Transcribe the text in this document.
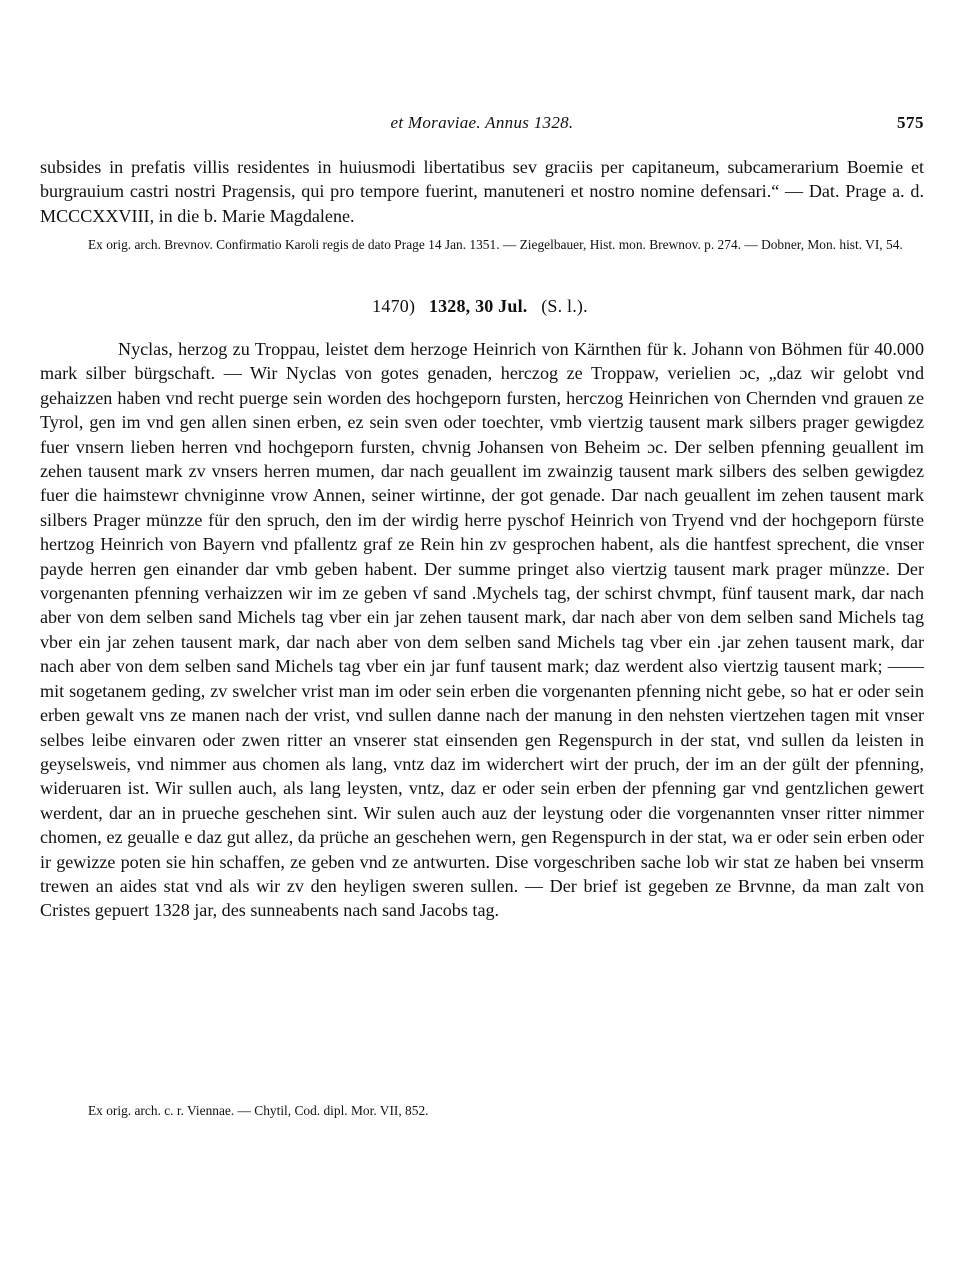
et Moraviae. Annus 1328.	575

subsides in prefatis villis residentes in huiusmodi libertatibus sev graciis per capitaneum, subcamerarium Boemie et burgrauium castri nostri Pragensis, qui pro tempore fuerint, manuteneri et nostro nomine defensari.“ — Dat. Prage a. d. MCCCXXVIII, in die b. Marie Magdalene.

Ex orig. arch. Brevnov. Confirmatio Karoli regis de dato Prage 14 Jan. 1351. — Ziegelbauer, Hist. mon. Brewnov. p. 274. — Dobner, Mon. hist. VI, 54.
1470) 1328, 30 Jul. (S. l.).

Nyclas, herzog zu Troppau, leistet dem herzoge Heinrich von Kärnthen für k. Johann von Böhmen für 40.000 mark silber bürgschaft. — Wir Nyclas von gotes genaden, herczog ze Troppaw, verielien ɔc, „daz wir gelobt vnd gehaizzen haben vnd recht puerge sein worden des hochgeporn fursten, herczog Heinrichen von Chernden vnd grauen ze Tyrol, gen im vnd gen allen sinen erben, ez sein sven oder toechter, vmb viertzig tausent mark silbers prager gewigdez fuer vnsern lieben herren vnd hochgeporn fursten, chvnig Johansen von Beheim ɔc. Der selben pfenning geuallent im zehen tausent mark zv vnsers herren mumen, dar nach geuallent im zwainzig tausent mark silbers des selben gewigdez fuer die haimstewr chvniginne vrow Annen, seiner wirtinne, der got genade. Dar nach geuallent im zehen tausent mark silbers Prager münzze für den spruch, den im der wirdig herre pyschof Heinrich von Tryend vnd der hochgeporn fürste hertzog Heinrich von Bayern vnd pfallentz graf ze Rein hin zv gesprochen habent, als die hantfest sprechent, die vnser payde herren gen einander dar vmb geben habent. Der summe pringet also viertzig tausent mark prager münzze. Der vorgenanten pfenning verhaizzen wir im ze geben vf sand .Mychels tag, der schirst chvmpt, fünf tausent mark, dar nach aber von dem selben sand Michels tag vber ein jar zehen tausent mark, dar nach aber von dem selben sand Michels tag vber ein jar zehen tausent mark, dar nach aber von dem selben sand Michels tag vber ein .jar zehen tausent mark, dar nach aber von dem selben sand Michels tag vber ein jar funf tausent mark; daz werdent also viertzig tausent mark; —— mit sogetanem geding, zv swelcher vrist man im oder sein erben die vorgenanten pfenning nicht gebe, so hat er oder sein erben gewalt vns ze manen nach der vrist, vnd sullen danne nach der manung in den nehsten viertzehen tagen mit vnser selbes leibe einvaren oder zwen ritter an vnserer stat einsenden gen Regenspurch in der stat, vnd sullen da leisten in geyselsweis, vnd nimmer aus chomen als lang, vntz daz im widerchert wirt der pruch, der im an der gült der pfenning, wideruaren ist. Wir sullen auch, als lang leysten, vntz, daz er oder sein erben der pfenning gar vnd gentzlichen gewert werdent, dar an in prueche geschehen sint. Wir sulen auch auz der leystung oder die vorgenannten vnser ritter nimmer chomen, ez geualle e daz gut allez, da prüche an geschehen wern, gen Regenspurch in der stat, wa er oder sein erben oder ir gewizze poten sie hin schaffen, ze geben vnd ze antwurten. Dise vorgeschriben sache lob wir stat ze haben bei vnserm trewen an aides stat vnd als wir zv den heyligen sweren sullen. — Der brief ist gegeben ze Brvnne, da man zalt von Cristes gepuert 1328 jar, des sunneabents nach sand Jacobs tag.

Ex orig. arch. c. r. Viennae. — Chytil, Cod. dipl. Mor. VII, 852.
